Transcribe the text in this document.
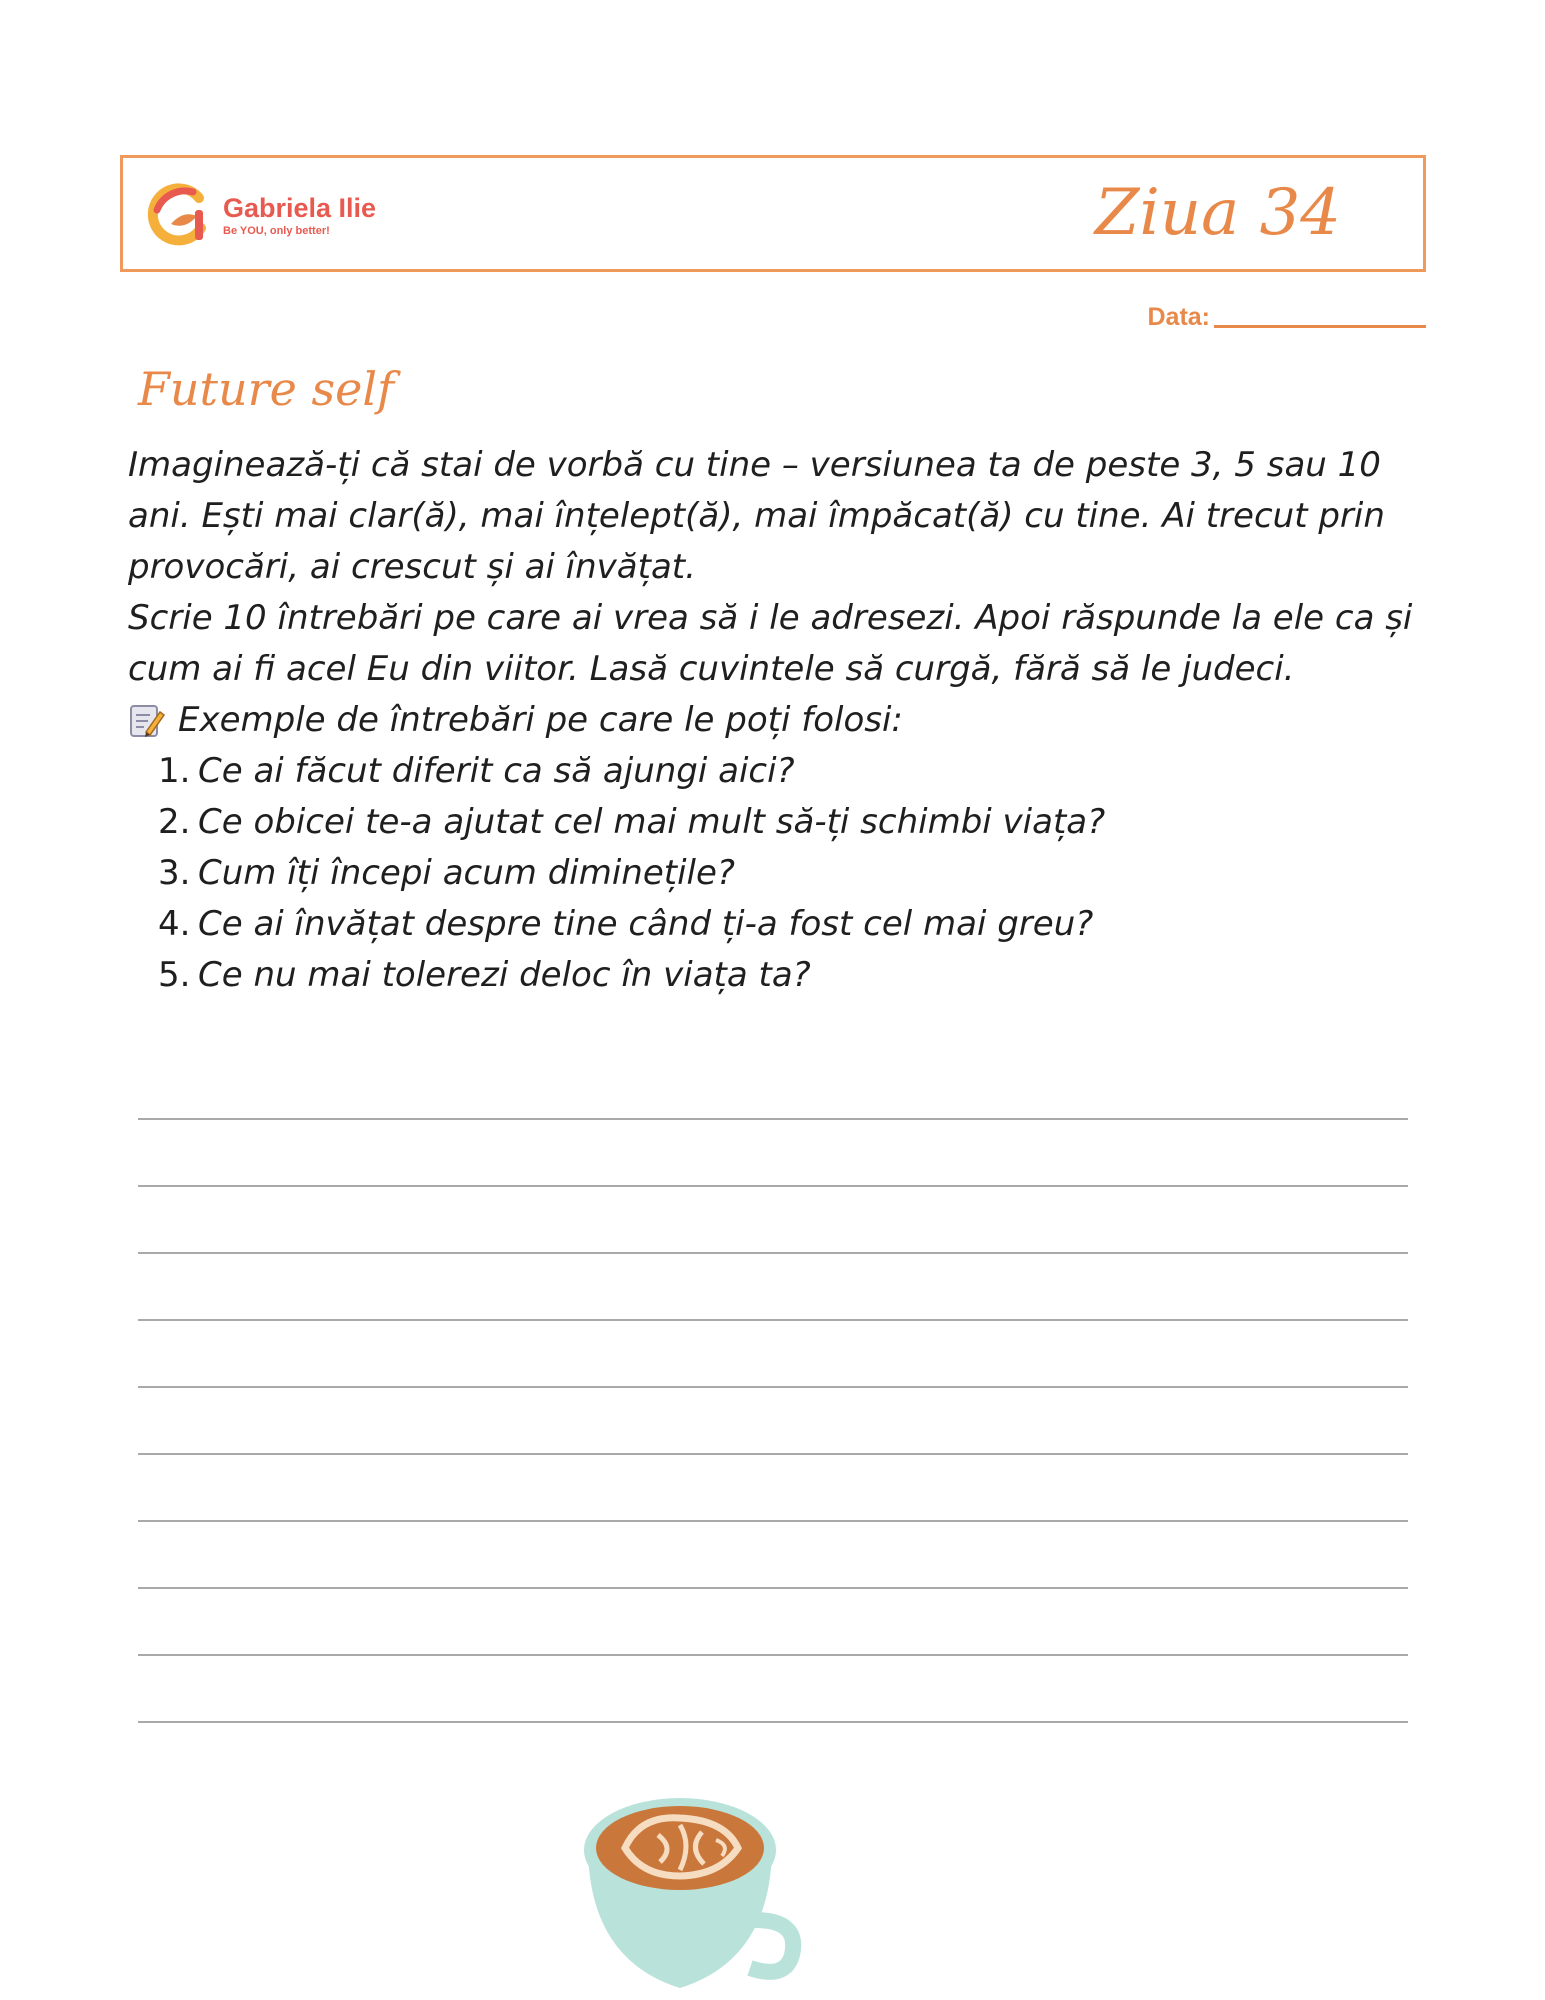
Gabriela Ilie
Be YOU, only better!	Ziua 34
Data:
Future self

Imaginează-ți că stai de vorbă cu tine – versiunea ta de peste 3, 5 sau 10 ani. Ești mai clar(ă), mai înțelept(ă), mai împăcat(ă) cu tine. Ai trecut prin provocări, ai crescut și ai învățat.

Scrie 10 întrebări pe care ai vrea să i le adresezi. Apoi răspunde la ele ca și cum ai fi acel Eu din viitor. Lasă cuvintele să curgă, fără să le judeci.

Exemple de întrebări pe care le poți folosi:
1. Ce ai făcut diferit ca să ajungi aici?
2. Ce obicei te-a ajutat cel mai mult să-ți schimbi viața?
3. Cum îți începi acum diminețile?
4. Ce ai învățat despre tine când ți-a fost cel mai greu?
5. Ce nu mai tolerezi deloc în viața ta?
